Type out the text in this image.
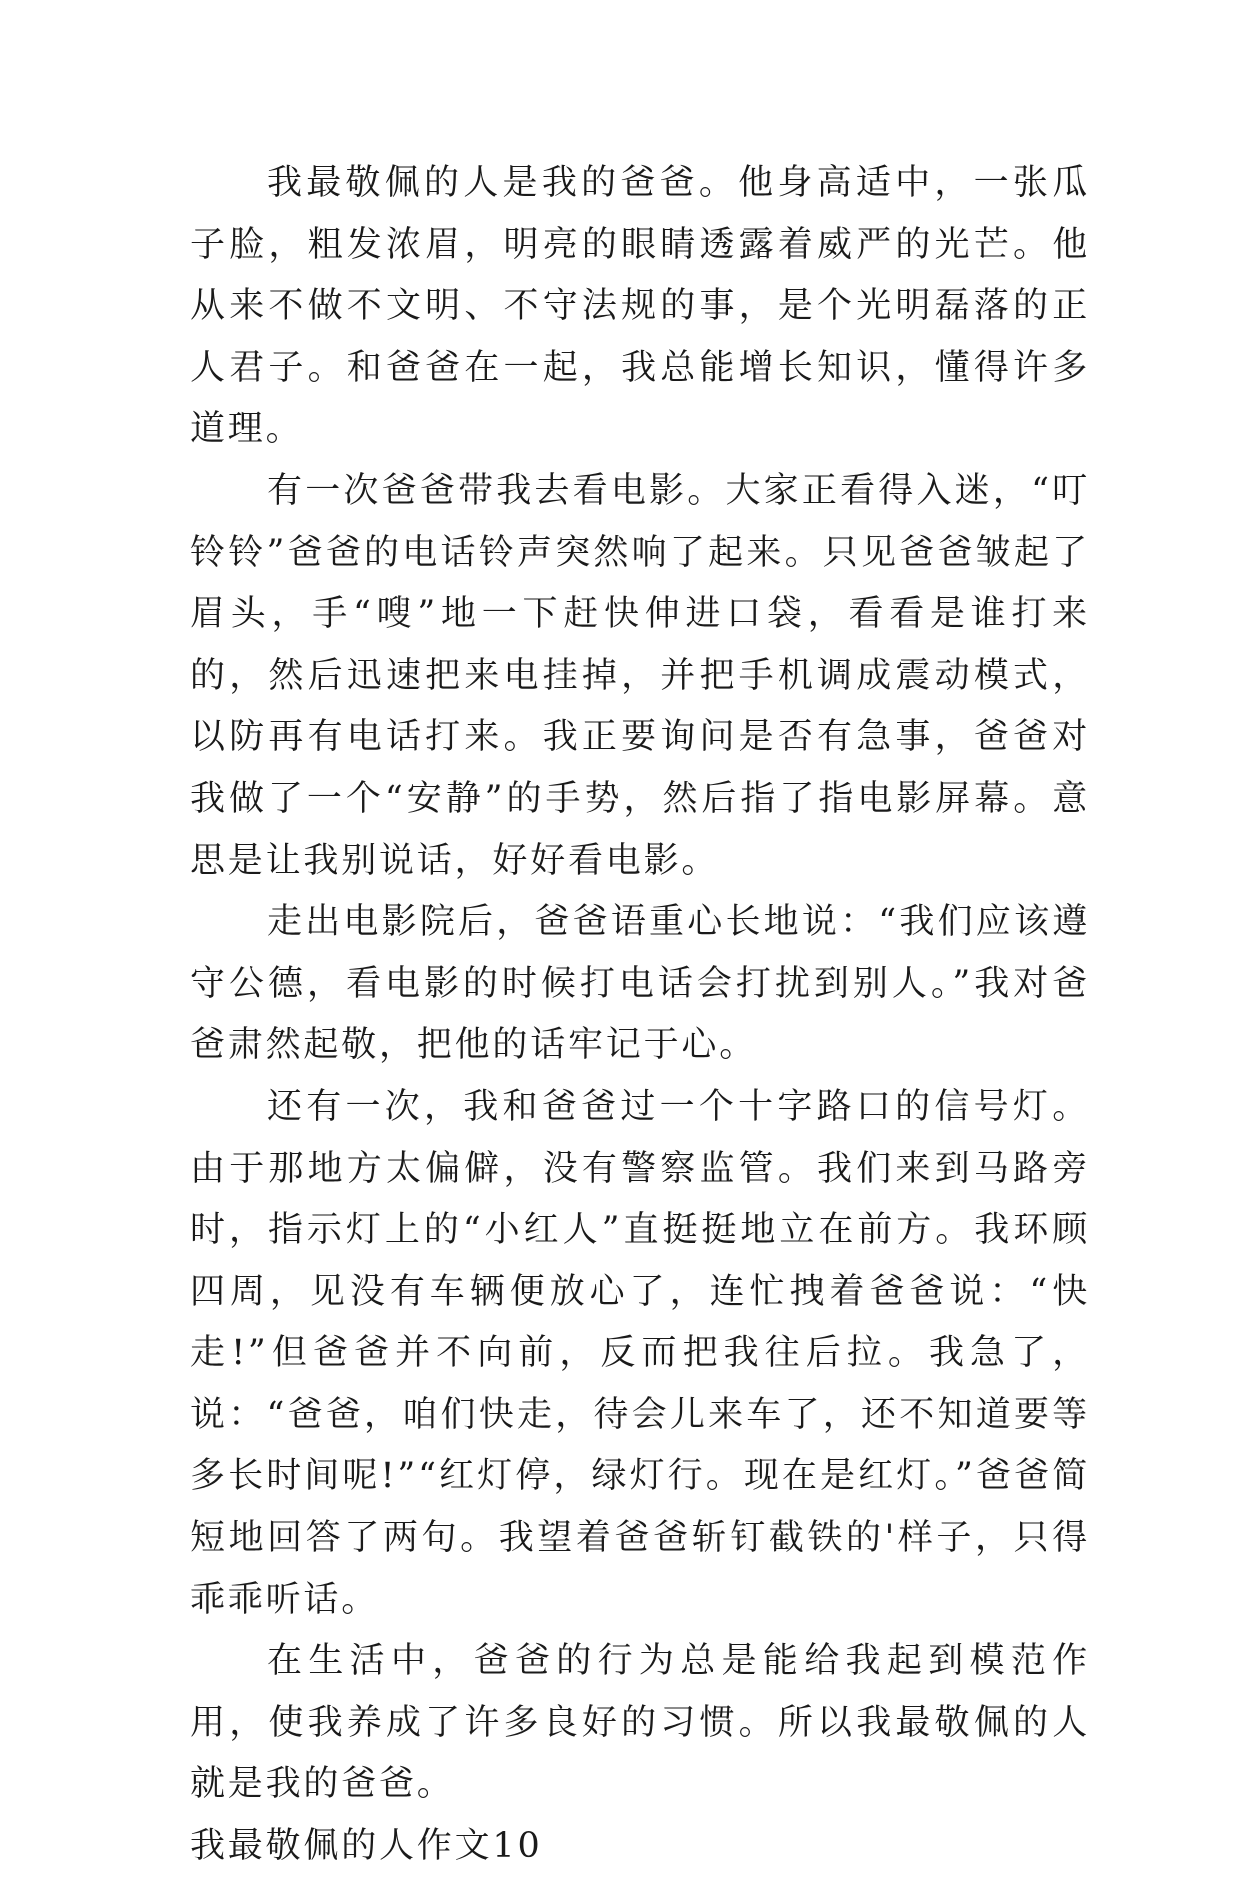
我最敬佩的人是我的爸爸。他身高适中，一张瓜子脸，粗发浓眉，明亮的眼睛透露着威严的光芒。他从来不做不文明、不守法规的事，是个光明磊落的正人君子。和爸爸在一起，我总能增长知识，懂得许多道理。

有一次爸爸带我去看电影。大家正看得入迷，“叮铃铃”爸爸的电话铃声突然响了起来。只见爸爸皱起了眉头，手“嗖”地一下赶快伸进口袋，看看是谁打来的，然后迅速把来电挂掉，并把手机调成震动模式，以防再有电话打来。我正要询问是否有急事，爸爸对我做了一个“安静”的手势，然后指了指电影屏幕。意思是让我别说话，好好看电影。

走出电影院后，爸爸语重心长地说：“我们应该遵守公德，看电影的时候打电话会打扰到别人。”我对爸爸肃然起敬，把他的话牢记于心。

还有一次，我和爸爸过一个十字路口的信号灯。由于那地方太偏僻，没有警察监管。我们来到马路旁时，指示灯上的“小红人”直挺挺地立在前方。我环顾四周，见没有车辆便放心了，连忙拽着爸爸说：“快走!”但爸爸并不向前，反而把我往后拉。我急了，说：“爸爸，咱们快走，待会儿来车了，还不知道要等多长时间呢!”“红灯停，绿灯行。现在是红灯。”爸爸简短地回答了两句。我望着爸爸斩钉截铁的'样子，只得乖乖听话。

在生活中，爸爸的行为总是能给我起到模范作用，使我养成了许多良好的习惯。所以我最敬佩的人就是我的爸爸。

我最敬佩的人作文10
